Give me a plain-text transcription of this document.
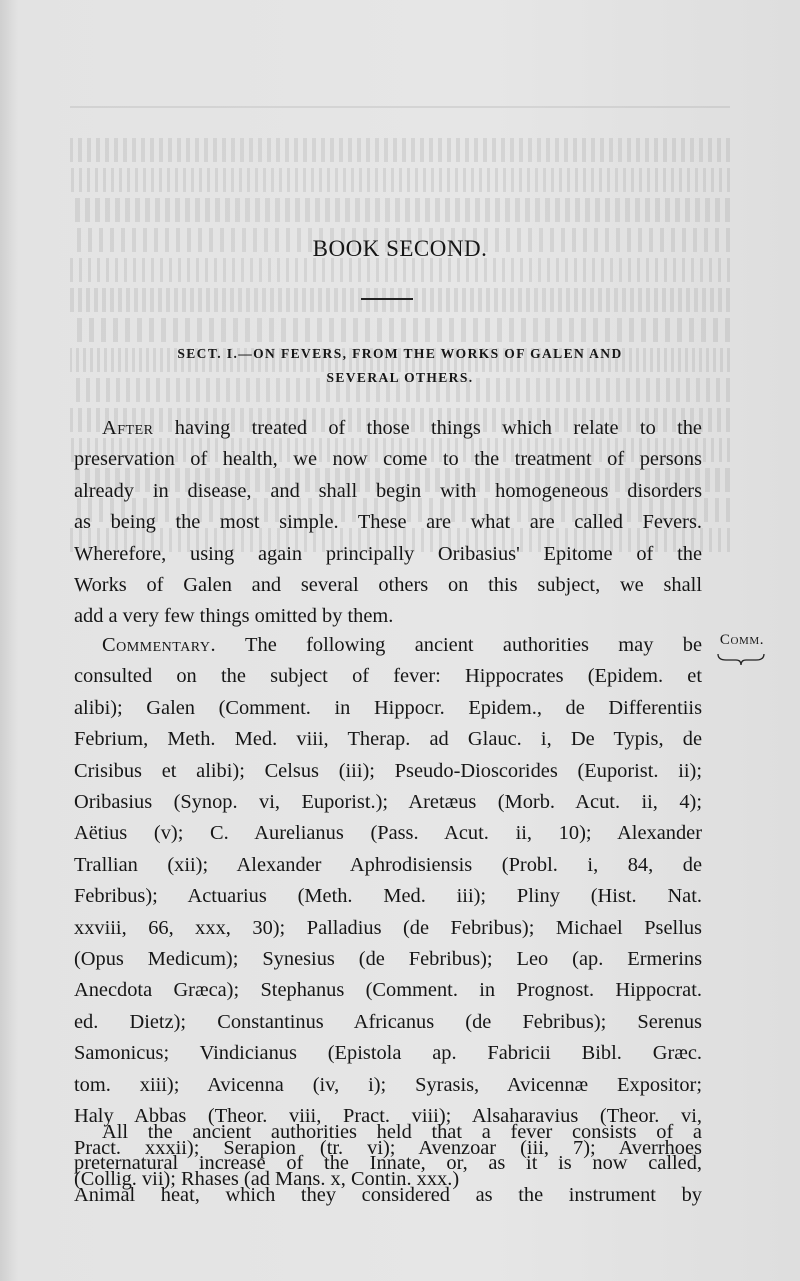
BOOK SECOND.
SECT. I.—ON FEVERS, FROM THE WORKS OF GALEN AND
SEVERAL OTHERS.
After having treated of those things which relate to the
preservation of health, we now come to the treatment of persons
already in disease, and shall begin with homogeneous disorders
as being the most simple. These are what are called Fevers.
Wherefore, using again principally Oribasius' Epitome of the
Works of Galen and several others on this subject, we shall
add a very few things omitted by them.
Comm.
Commentary. The following ancient authorities may be
consulted on the subject of fever: Hippocrates (Epidem. et
alibi); Galen (Comment. in Hippocr. Epidem., de Differentiis
Febrium, Meth. Med. viii, Therap. ad Glauc. i, De Typis, de
Crisibus et alibi); Celsus (iii); Pseudo-Dioscorides (Euporist. ii);
Oribasius (Synop. vi, Euporist.); Aretæus (Morb. Acut. ii, 4);
Aëtius (v); C. Aurelianus (Pass. Acut. ii, 10); Alexander
Trallian (xii); Alexander Aphrodisiensis (Probl. i, 84, de
Febribus); Actuarius (Meth. Med. iii); Pliny (Hist. Nat.
xxviii, 66, xxx, 30); Palladius (de Febribus); Michael Psellus
(Opus Medicum); Synesius (de Febribus); Leo (ap. Ermerins
Anecdota Græca); Stephanus (Comment. in Prognost. Hippocrat.
ed. Dietz); Constantinus Africanus (de Febribus); Serenus
Samonicus; Vindicianus (Epistola ap. Fabricii Bibl. Græc.
tom. xiii); Avicenna (iv, i); Syrasis, Avicennæ Expositor;
Haly Abbas (Theor. viii, Pract. viii); Alsaharavius (Theor. vi,
Pract. xxxii); Serapion (tr. vi); Avenzoar (iii, 7); Averrhoes
(Collig. vii); Rhases (ad Mans. x, Contin. xxx.)
All the ancient authorities held that a fever consists of a
preternatural increase of the Innate, or, as it is now called,
Animal heat, which they considered as the instrument by
